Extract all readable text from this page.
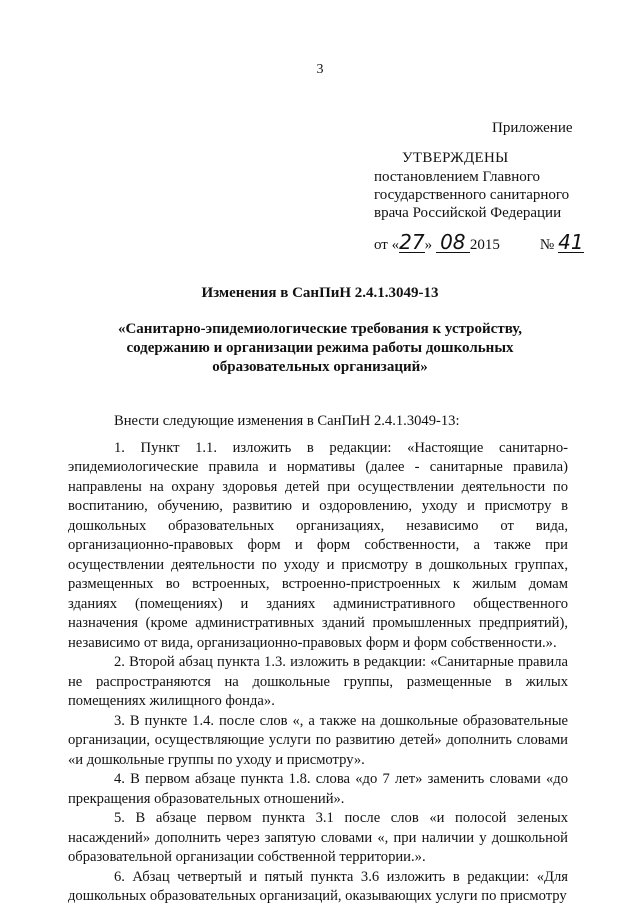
3
Приложение
УТВЕРЖДЕНЫ
постановлением Главного
государственного санитарного
врача Российской Федерации
от «27» 08 2015	№ 41
Изменения в СанПиН 2.4.1.3049-13
«Санитарно-эпидемиологические требования к устройству, содержанию и организации режима работы дошкольных образовательных организаций»

Внести следующие изменения в СанПиН 2.4.1.3049-13:

1. Пункт 1.1. изложить в редакции: «Настоящие санитарно-эпидемиологические правила и нормативы (далее - санитарные правила) направлены на охрану здоровья детей при осуществлении деятельности по воспитанию, обучению, развитию и оздоровлению, уходу и присмотру в дошкольных образовательных организациях, независимо от вида, организационно-правовых форм и форм собственности, а также при осуществлении деятельности по уходу и присмотру в дошкольных группах, размещенных во встроенных, встроенно-пристроенных к жилым домам зданиях (помещениях) и зданиях административного общественного назначения (кроме административных зданий промышленных предприятий), независимо от вида, организационно-правовых форм и форм собственности.».

2. Второй абзац пункта 1.3. изложить в редакции: «Санитарные правила не распространяются на дошкольные группы, размещенные в жилых помещениях жилищного фонда».

3. В пункте 1.4. после слов «, а также на дошкольные образовательные организации, осуществляющие услуги по развитию детей» дополнить словами «и дошкольные группы по уходу и присмотру».

4. В первом абзаце пункта 1.8. слова «до 7 лет» заменить словами «до прекращения образовательных отношений».

5. В абзаце первом пункта 3.1 после слов «и полосой зеленых насаждений» дополнить через запятую словами «, при наличии у дошкольной образовательной организации собственной территории.».

6. Абзац четвертый и пятый пункта 3.6 изложить в редакции: «Для дошкольных образовательных организаций, оказывающих услуги по присмотру
